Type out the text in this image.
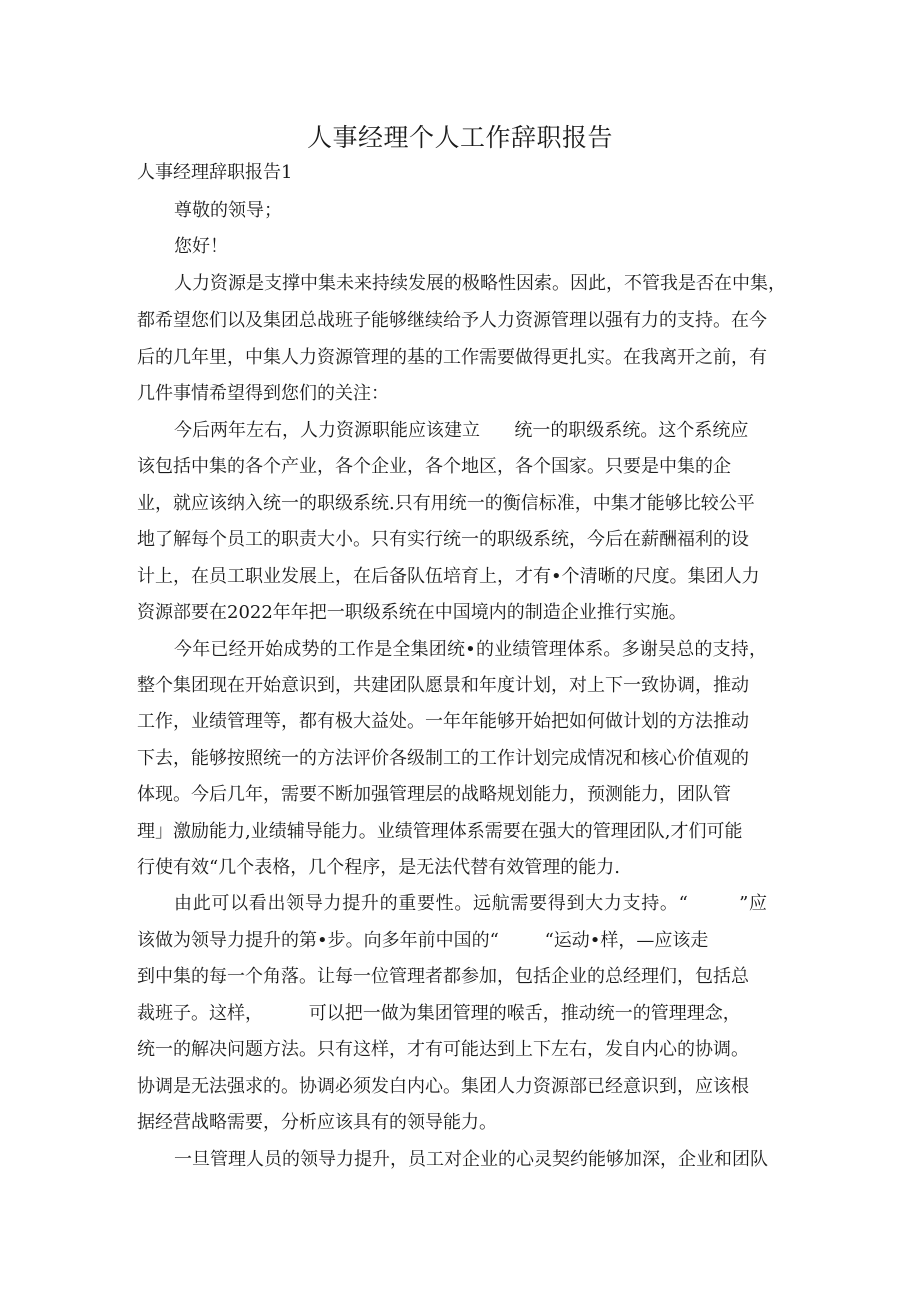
人事经理个人工作辞职报告

人事经理辞职报告1

尊敬的领导；

您好！

人力资源是支撑中集未来持续发展的极略性因索。因此，不管我是否在中集，

都希望您们以及集团总战班子能够继续给予人力资源管理以强有力的支持。在今

后的几年里，中集人力资源管理的基的工作需要做得更扎实。在我离开之前，有

几件事情希望得到您们的关注：

今后两年左右，人力资源职能应该建立      统一的职级系统。这个系统应

该包括中集的各个产业，各个企业，各个地区，各个国家。只要是中集的企

业，就应该纳入统一的职级系统.只有用统一的衡信标准，中集才能够比较公平

地了解每个员工的职责大小。只有实行统一的职级系统，今后在薪酬福利的设

计上，在员工职业发展上，在后备队伍培育上，才有•个清晰的尺度。集团人力

资源部要在2022年年把一职级系统在中国境内的制造企业推行实施。

今年已经开始成势的工作是全集团统•的业绩管理体系。多谢吴总的支持，

整个集团现在开始意识到，共建团队愿景和年度计划，对上下一致协调，推动

工作，业绩管理等，都有极大益处。一年年能够开始把如何做计划的方法推动

下去，能够按照统一的方法评价各级制工的工作计划完成情况和核心价值观的

体现。今后几年，需要不断加强管理层的战略规划能力，预测能力，团队管

理」激励能力,业绩辅导能力。业绩管理体系需要在强大的管理团队,才们可能

行使有效“几个表格，几个程序，是无法代替有效管理的能力.

由此可以看出领导力提升的重要性。远航需要得到大力支持。“        ”应

该做为领导力提升的第•步。向多年前中国的“        “运动•样，—应该走

到中集的每一个角落。让每一位管理者都参加，包括企业的总经理们，包括总

裁班子。这样，        可以把一做为集团管理的喉舌，推动统一的管理理念，

统一的解决问题方法。只有这样，才有可能达到上下左右，发自内心的协调。

协调是无法强求的。协调必须发白内心。集团人力资源部已经意识到，应该根

据经营战略需要，分析应该具有的领导能力。

一旦管理人员的领导力提升，员工对企业的心灵契约能够加深，企业和团队
